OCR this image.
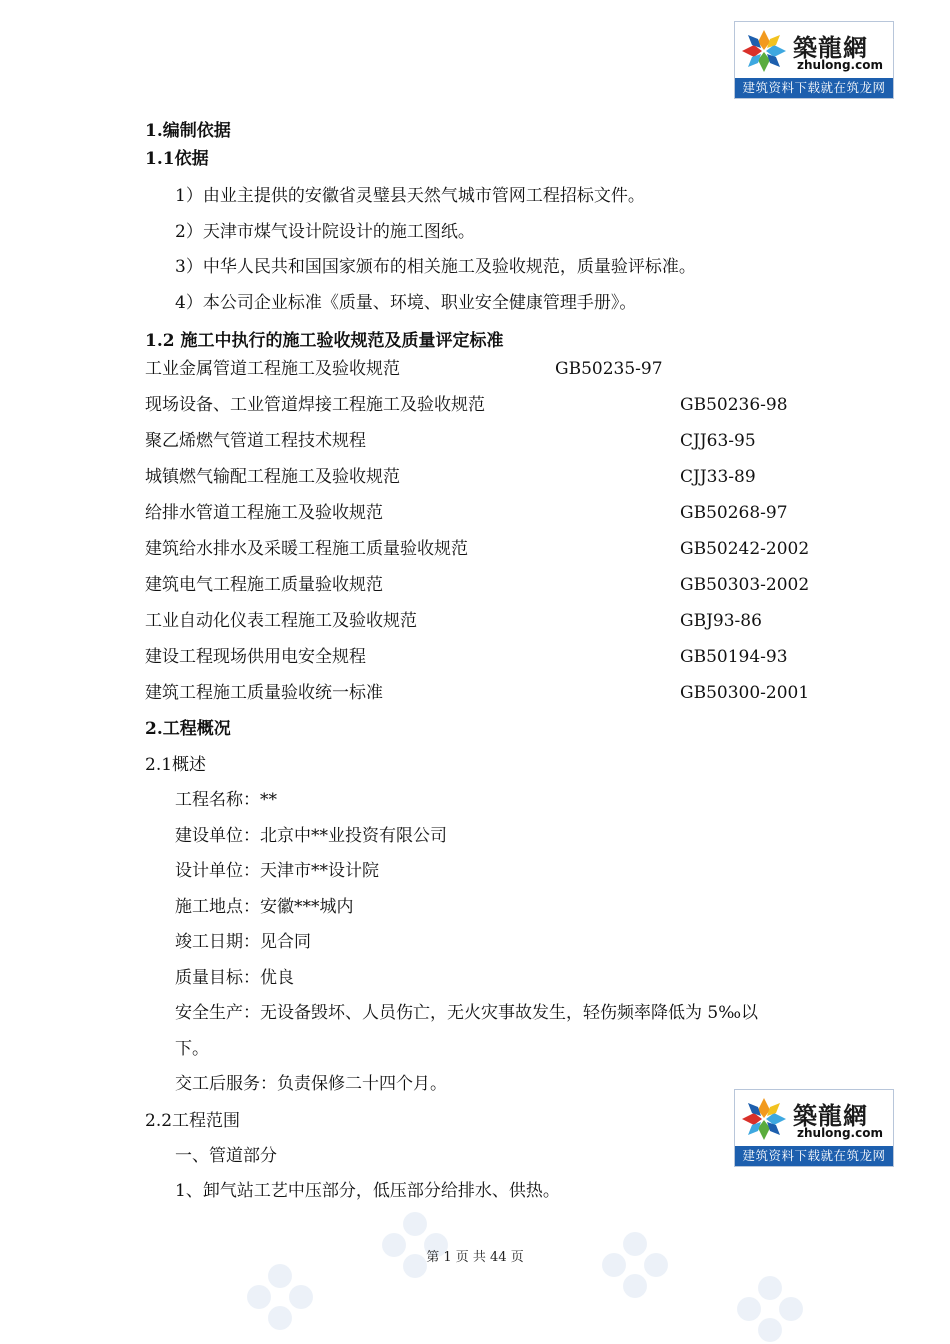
築龍網
zhulong.com
建筑资料下载就在筑龙网

1.编制依据

1.1依据

1）由业主提供的安徽省灵璧县天然气城市管网工程招标文件。

2）天津市煤气设计院设计的施工图纸。

3）中华人民共和国国家颁布的相关施工及验收规范，质量验评标准。

4）本公司企业标准《质量、环境、职业安全健康管理手册》。

1.2 施工中执行的施工验收规范及质量评定标准

工业金属管道工程施工及验收规范	GB50235-97
现场设备、工业管道焊接工程施工及验收规范	GB50236-98
聚乙烯燃气管道工程技术规程	CJJ63-95
城镇燃气输配工程施工及验收规范	CJJ33-89
给排水管道工程施工及验收规范	GB50268-97
建筑给水排水及采暖工程施工质量验收规范	GB50242-2002
建筑电气工程施工质量验收规范	GB50303-2002
工业自动化仪表工程施工及验收规范	GBJ93-86
建设工程现场供用电安全规程	GB50194-93
建筑工程施工质量验收统一标准	GB50300-2001

2.工程概况

2.1概述

工程名称：**

建设单位：北京中**业投资有限公司

设计单位：天津市**设计院

施工地点：安徽***城内

竣工日期：见合同

质量目标：优良

安全生产：无设备毁坏、人员伤亡，无火灾事故发生，轻伤频率降低为 5‰以

下。

交工后服务：负责保修二十四个月。

2.2工程范围

一、管道部分

1、卸气站工艺中压部分，低压部分给排水、供热。

築龍網
zhulong.com
建筑资料下载就在筑龙网
第 1 页 共 44 页
